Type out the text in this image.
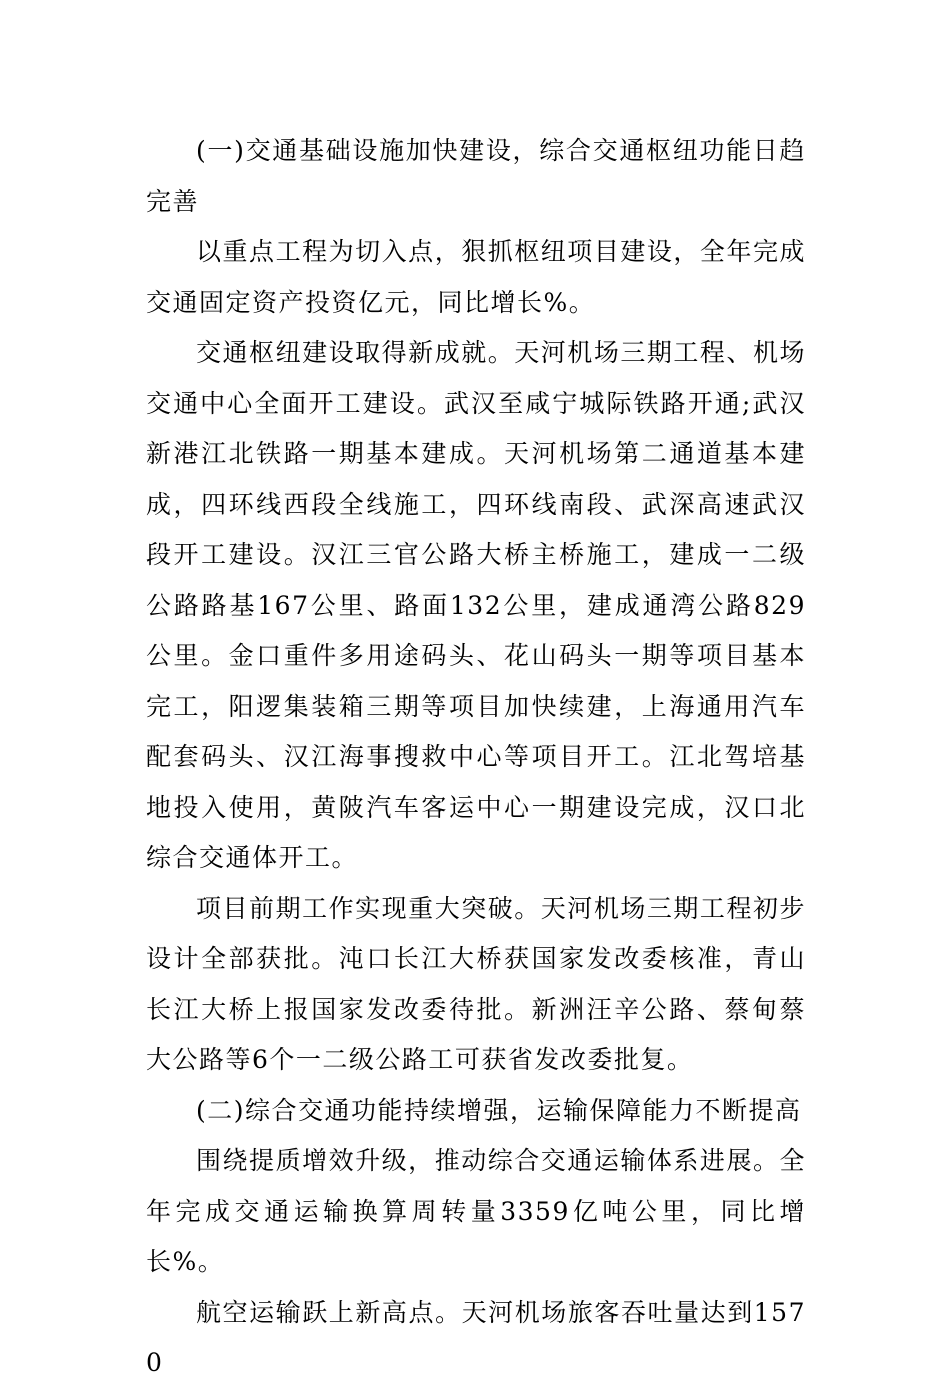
(一)交通基础设施加快建设，综合交通枢纽功能日趋完善

以重点工程为切入点，狠抓枢纽项目建设，全年完成交通固定资产投资亿元，同比增长%。

交通枢纽建设取得新成就。天河机场三期工程、机场交通中心全面开工建设。武汉至咸宁城际铁路开通;武汉新港江北铁路一期基本建成。天河机场第二通道基本建成，四环线西段全线施工，四环线南段、武深高速武汉段开工建设。汉江三官公路大桥主桥施工，建成一二级公路路基167公里、路面132公里，建成通湾公路829公里。金口重件多用途码头、花山码头一期等项目基本完工，阳逻集装箱三期等项目加快续建，上海通用汽车配套码头、汉江海事搜救中心等项目开工。江北驾培基地投入使用，黄陂汽车客运中心一期建设完成，汉口北综合交通体开工。

项目前期工作实现重大突破。天河机场三期工程初步设计全部获批。沌口长江大桥获国家发改委核准，青山长江大桥上报国家发改委待批。新洲汪辛公路、蔡甸蔡大公路等6个一二级公路工可获省发改委批复。

(二)综合交通功能持续增强，运输保障能力不断提高

围绕提质增效升级，推动综合交通运输体系进展。全年完成交通运输换算周转量3359亿吨公里，同比增长%。

航空运输跃上新高点。天河机场旅客吞吐量达到1570
